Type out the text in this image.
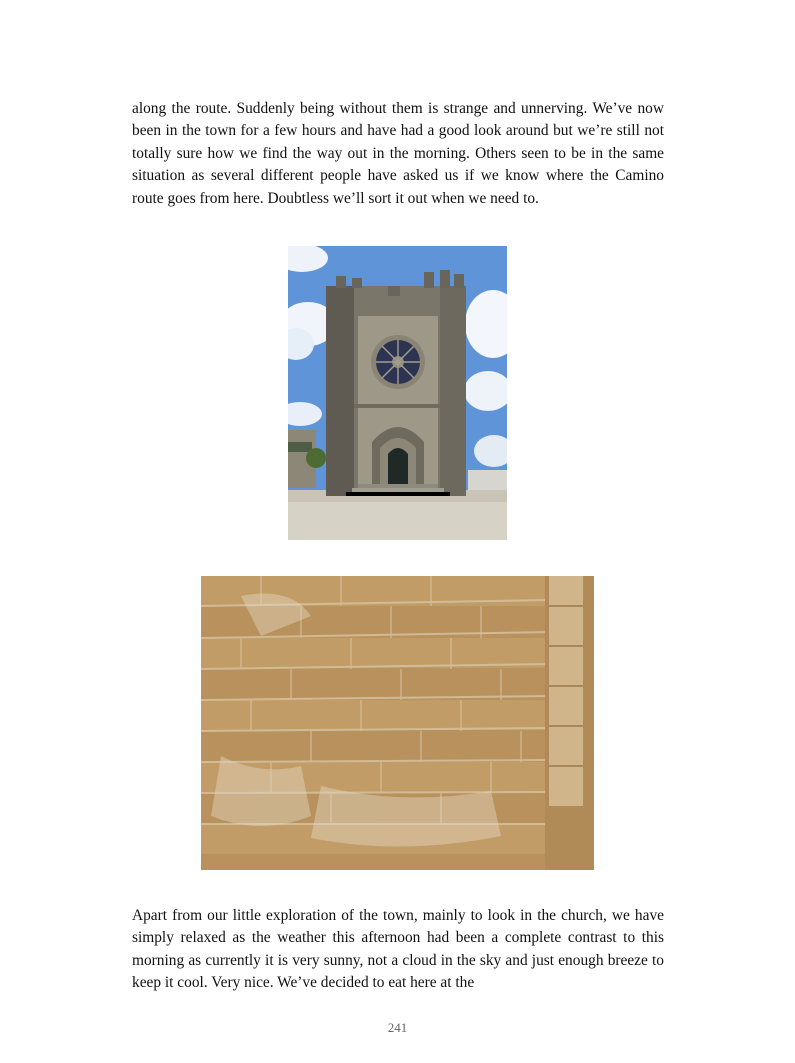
along the route. Suddenly being without them is strange and unnerving. We’ve now been in the town for a few hours and have had a good look around but we’re still not totally sure how we find the way out in the morning. Others seen to be in the same situation as several different people have asked us if we know where the Camino route goes from here. Doubtless we’ll sort it out when we need to.

Apart from our little exploration of the town, mainly to look in the church, we have simply relaxed as the weather this afternoon had been a complete contrast to this morning as currently it is very sunny, not a cloud in the sky and just enough breeze to keep it cool. Very nice. We’ve decided to eat here at the

241
